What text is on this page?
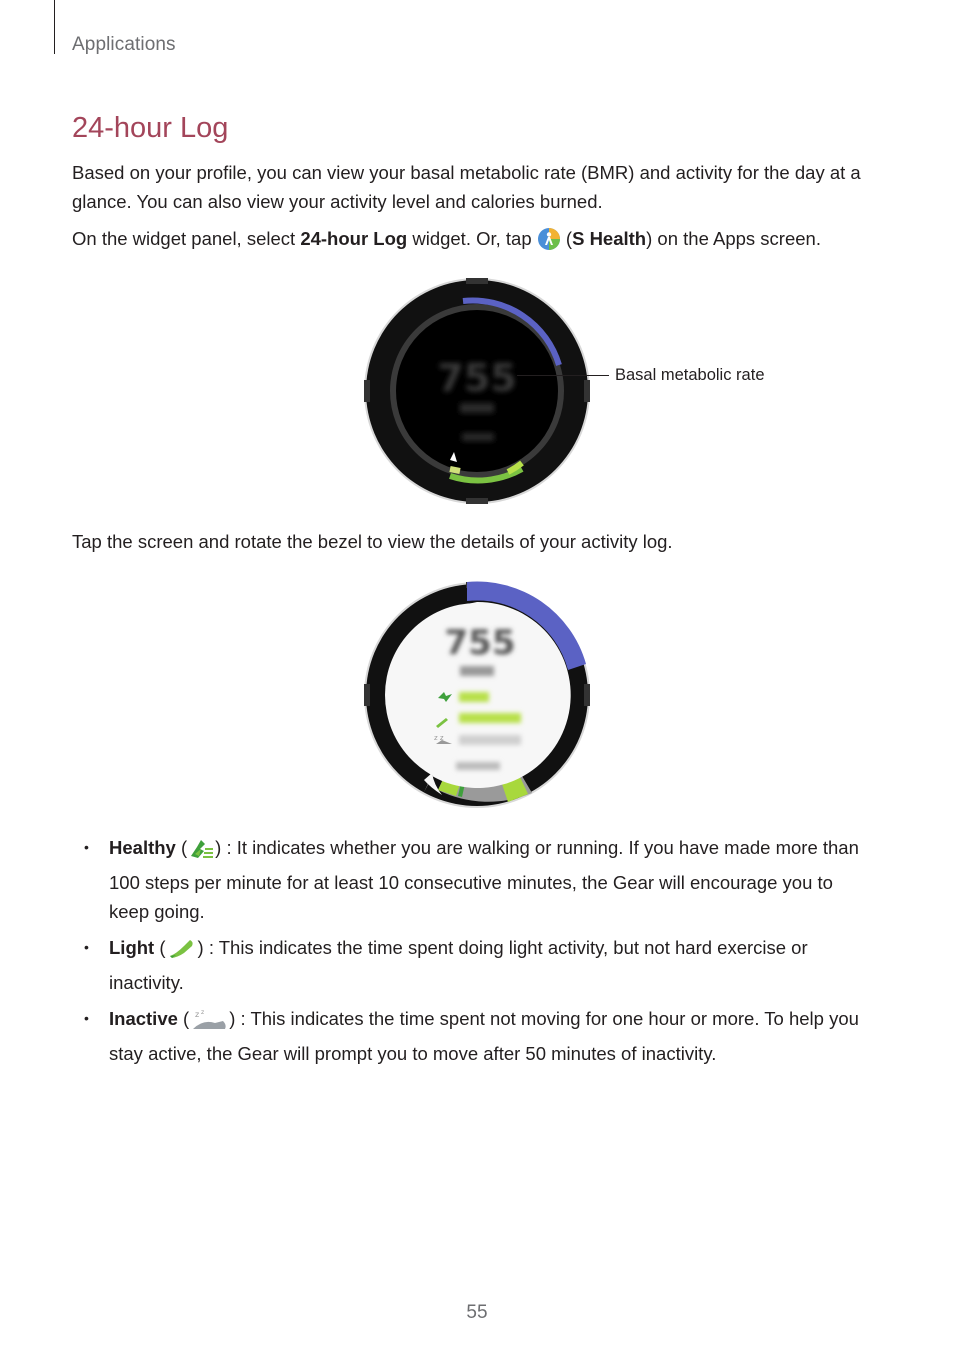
Applications
24-hour Log
Based on your profile, you can view your basal metabolic rate (BMR) and activity for the day at a glance. You can also view your activity level and calories burned.
On the widget panel, select 24-hour Log widget. Or, tap  (S Health) on the Apps screen.
755	Basal metabolic rate
Tap the screen and rotate the bezel to view the details of your activity log.
755
z z
• Healthy ( ) : It indicates whether you are walking or running. If you have made more than 100 steps per minute for at least 10 consecutive minutes, the Gear will encourage you to keep going.
• Light ( ) : This indicates the time spent doing light activity, but not hard exercise or inactivity.
• Inactive ( z z ) : This indicates the time spent not moving for one hour or more. To help you stay active, the Gear will prompt you to move after 50 minutes of inactivity.
55
